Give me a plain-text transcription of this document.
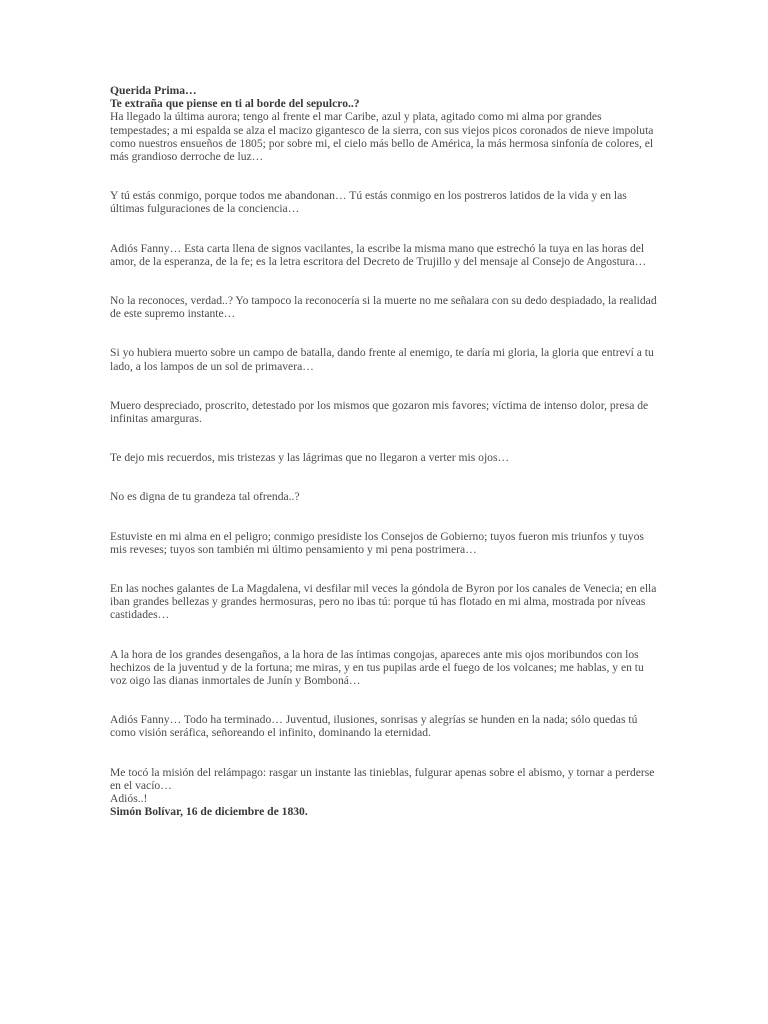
Querida Prima…
Te extraña que piense en ti al borde del sepulcro..?

Ha llegado la última aurora; tengo al frente el mar Caribe, azul y plata, agitado como mi alma por grandes tempestades; a mi espalda se alza el macizo gigantesco de la sierra, con sus viejos picos coronados de nieve impoluta como nuestros ensueños de 1805; por sobre mi, el cielo más bello de América, la más hermosa sinfonía de colores, el más grandioso derroche de luz…

Y tú estás conmigo, porque todos me abandonan… Tú estás conmigo en los postreros latidos de la vida y en las últimas fulguraciones de la conciencia…

Adiós Fanny… Esta carta llena de signos vacilantes, la escribe la misma mano que estrechó la tuya en las horas del amor, de la esperanza, de la fe; es la letra escritora del Decreto de Trujillo y del mensaje al Consejo de Angostura…

No la reconoces, verdad..? Yo tampoco la reconocería si la muerte no me señalara con su dedo despiadado, la realidad de este supremo instante…

Si yo hubiera muerto sobre un campo de batalla, dando frente al enemigo, te daría mi gloria, la gloria que entreví a tu lado, a los lampos de un sol de primavera…

Muero despreciado, proscrito, detestado por los mismos que gozaron mis favores; víctima de intenso dolor, presa de infinitas amarguras.

Te dejo mis recuerdos, mis tristezas y las lágrimas que no llegaron a verter mis ojos…

No es digna de tu grandeza tal ofrenda..?

Estuviste en mi alma en el peligro; conmigo presidiste los Consejos de Gobierno; tuyos fueron mis triunfos y tuyos mis reveses; tuyos son también mi último pensamiento y mi pena postrimera…

En las noches galantes de La Magdalena, vi desfilar mil veces la góndola de Byron por los canales de Venecia; en ella iban grandes bellezas y grandes hermosuras, pero no ibas tú: porque tú has flotado en mi alma, mostrada por níveas castidades…

A la hora de los grandes desengaños, a la hora de las íntimas congojas, apareces ante mis ojos moribundos con los hechizos de la juventud y de la fortuna; me miras, y en tus pupilas arde el fuego de los volcanes; me hablas, y en tu voz oigo las dianas inmortales de Junín y Bomboná…

Adiós Fanny… Todo ha terminado… Juventud, ilusiones, sonrisas y alegrías se hunden en la nada; sólo quedas tú como visión seráfica, señoreando el infinito, dominando la eternidad.

Me tocó la misión del relámpago: rasgar un instante las tinieblas, fulgurar apenas sobre el abismo, y tornar a perderse en el vacío…

Adiós..!
Simón Bolívar, 16 de diciembre de 1830.
